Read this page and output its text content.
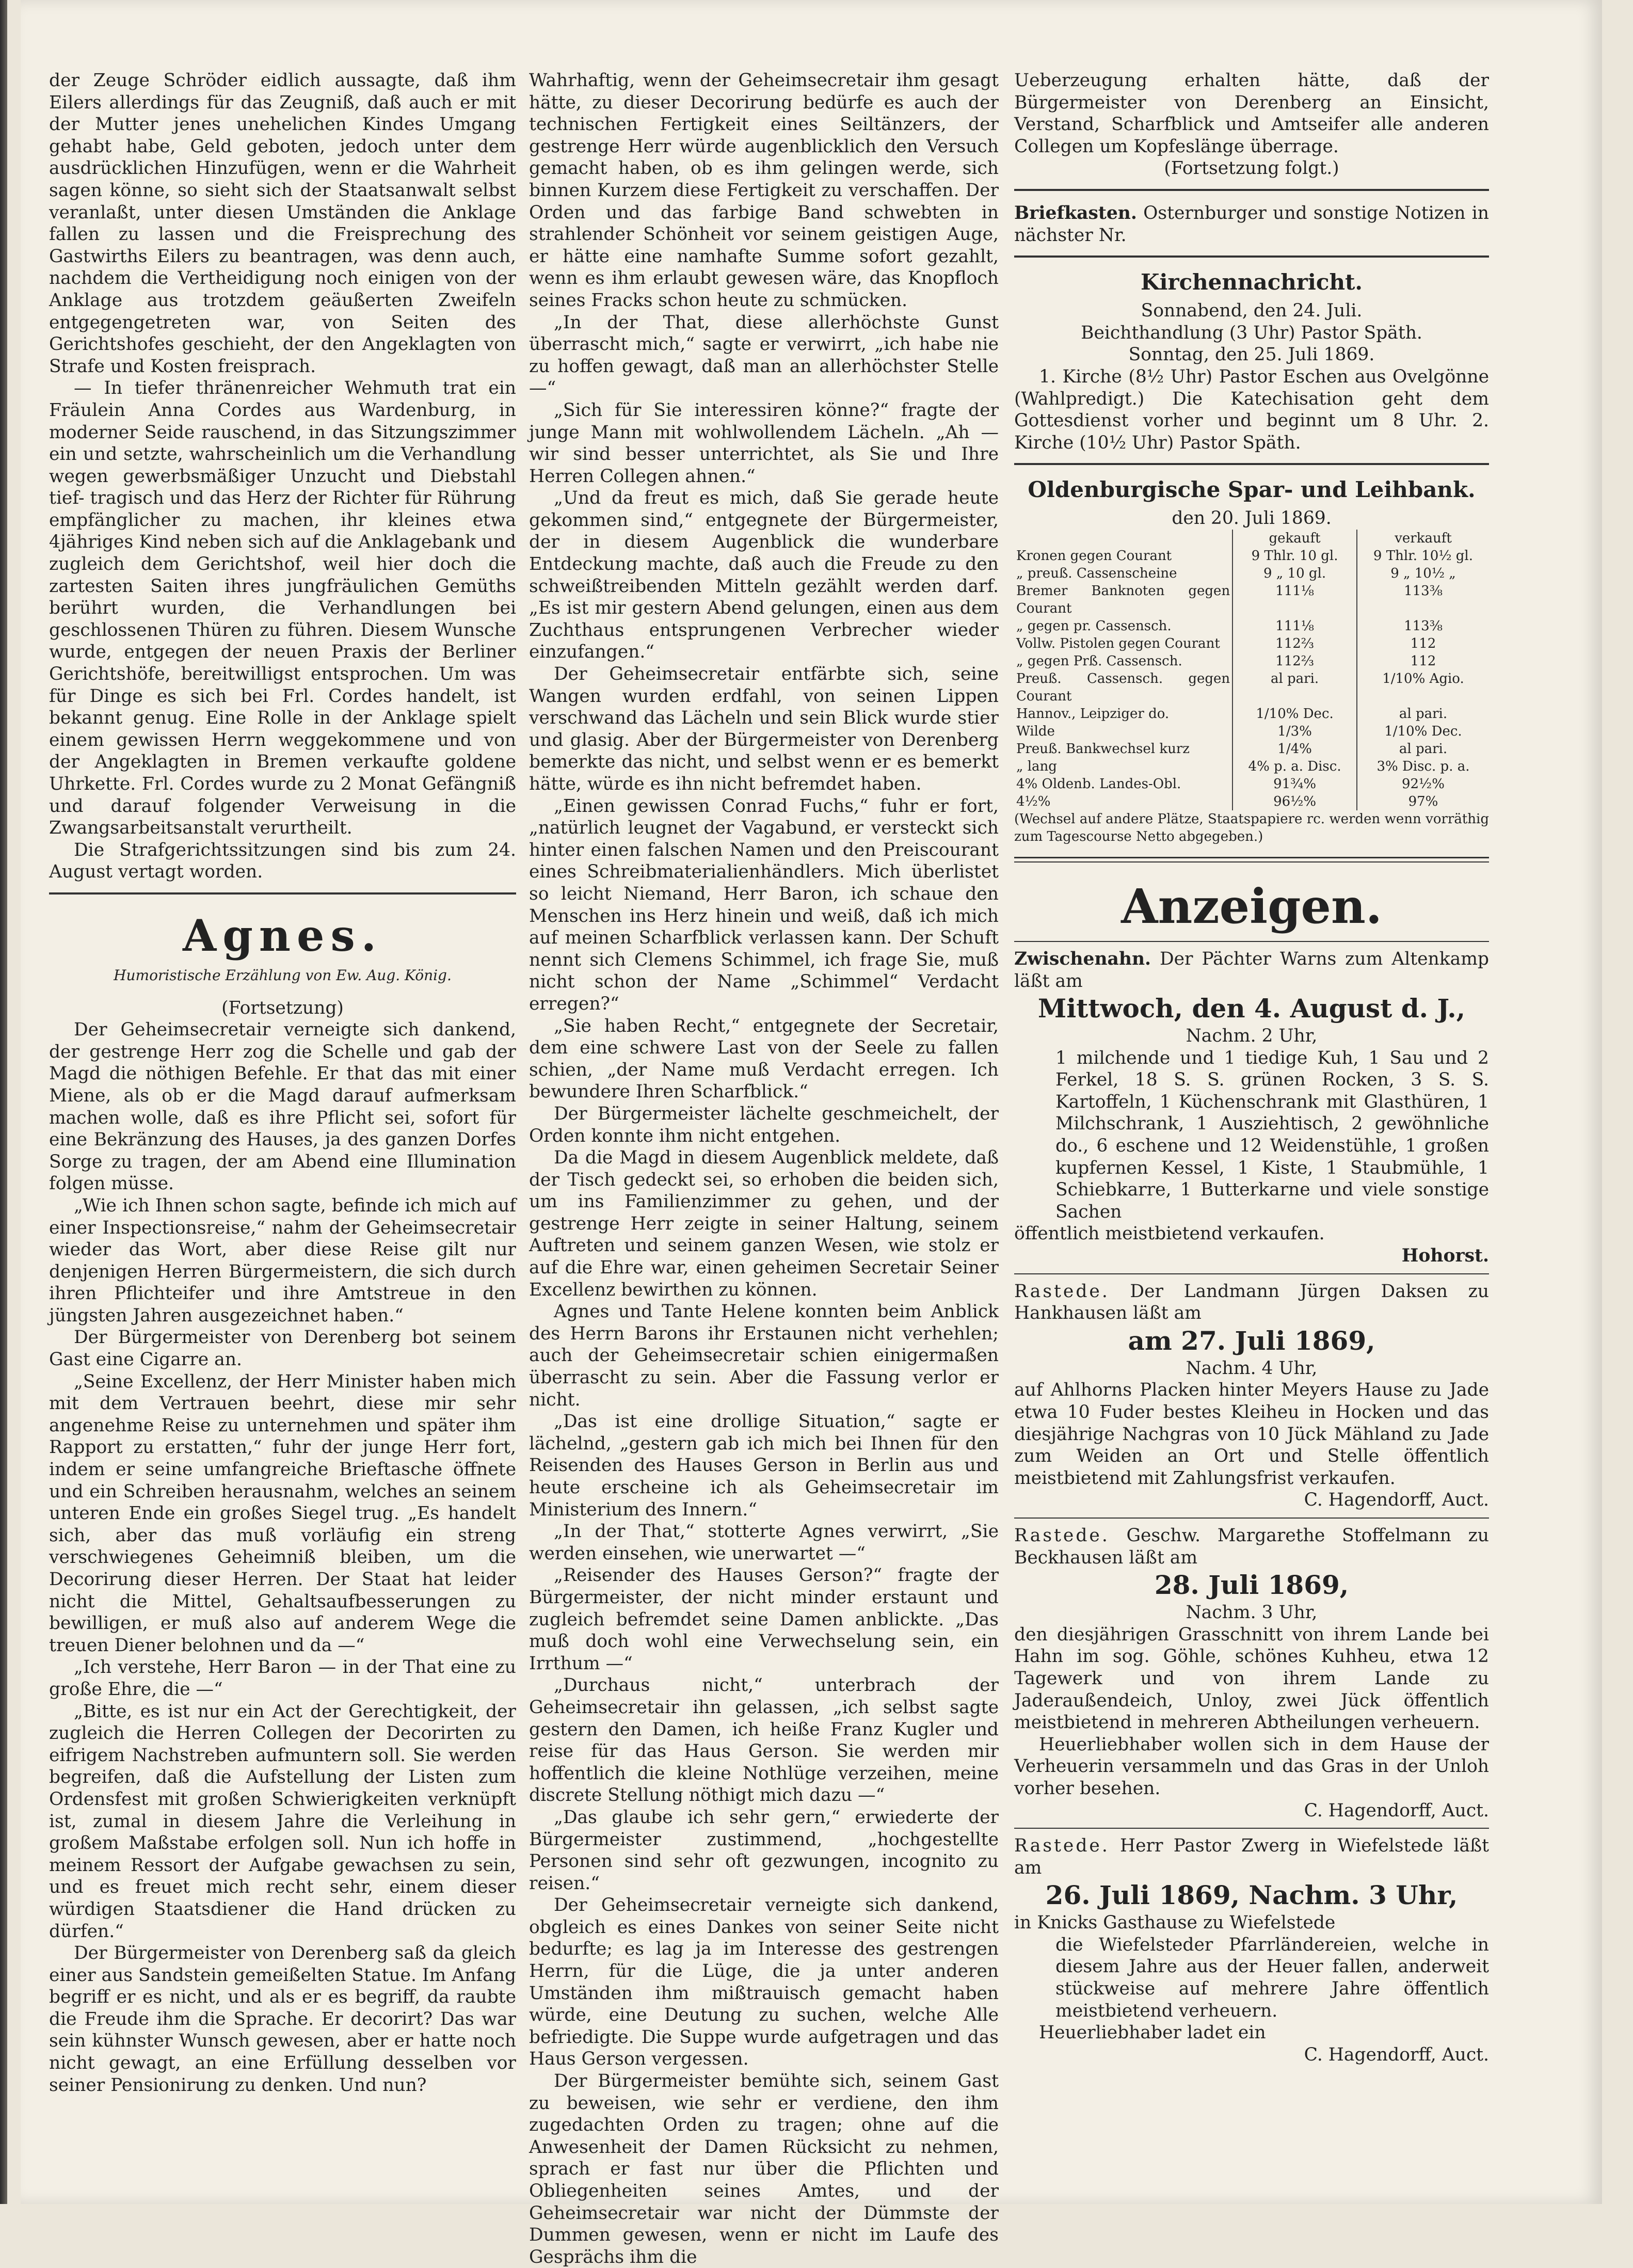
der Zeuge Schröder eidlich aussagte, daß ihm Eilers allerdings für das Zeugniß, daß auch er mit der Mutter jenes unehelichen Kindes Umgang gehabt habe, Geld geboten, jedoch unter dem ausdrücklichen Hinzufügen, wenn er die Wahrheit sagen könne, so sieht sich der Staatsanwalt selbst veranlaßt, unter diesen Umständen die Anklage fallen zu lassen und die Freisprechung des Gastwirths Eilers zu beantragen, was denn auch, nachdem die Vertheidigung noch einigen von der Anklage aus trotzdem geäußerten Zweifeln entgegengetreten war, von Seiten des Gerichtshofes geschieht, der den Angeklagten von Strafe und Kosten freisprach.

— In tiefer thränenreicher Wehmuth trat ein Fräulein Anna Cordes aus Wardenburg, in moderner Seide rauschend, in das Sitzungszimmer ein und setzte, wahrscheinlich um die Verhandlung wegen gewerbsmäßiger Unzucht und Diebstahl tief- tragisch und das Herz der Richter für Rührung empfänglicher zu machen, ihr kleines etwa 4jähriges Kind neben sich auf die Anklagebank und zugleich dem Gerichtshof, weil hier doch die zartesten Saiten ihres jungfräulichen Gemüths berührt wurden, die Verhandlungen bei geschlossenen Thüren zu führen. Diesem Wunsche wurde, entgegen der neuen Praxis der Berliner Gerichtshöfe, bereitwilligst entsprochen. Um was für Dinge es sich bei Frl. Cordes handelt, ist bekannt genug. Eine Rolle in der Anklage spielt einem gewissen Herrn weggekommene und von der Angeklagten in Bremen verkaufte goldene Uhrkette. Frl. Cordes wurde zu 2 Monat Gefängniß und darauf folgender Verweisung in die Zwangsarbeitsanstalt verurtheilt.

Die Strafgerichtssitzungen sind bis zum 24. August vertagt worden.

Agnes.
Humoristische Erzählung von Ew. Aug. König.

(Fortsetzung)

Der Geheimsecretair verneigte sich dankend, der gestrenge Herr zog die Schelle und gab der Magd die nöthigen Befehle. Er that das mit einer Miene, als ob er die Magd darauf aufmerksam machen wolle, daß es ihre Pflicht sei, sofort für eine Bekränzung des Hauses, ja des ganzen Dorfes Sorge zu tragen, der am Abend eine Illumination folgen müsse.

„Wie ich Ihnen schon sagte, befinde ich mich auf einer Inspectionsreise,“ nahm der Geheimsecretair wieder das Wort, aber diese Reise gilt nur denjenigen Herren Bürgermeistern, die sich durch ihren Pflichteifer und ihre Amtstreue in den jüngsten Jahren ausgezeichnet haben.“

Der Bürgermeister von Derenberg bot seinem Gast eine Cigarre an.

„Seine Excellenz, der Herr Minister haben mich mit dem Vertrauen beehrt, diese mir sehr angenehme Reise zu unternehmen und später ihm Rapport zu erstatten,“ fuhr der junge Herr fort, indem er seine umfangreiche Brieftasche öffnete und ein Schreiben herausnahm, welches an seinem unteren Ende ein großes Siegel trug. „Es handelt sich, aber das muß vorläufig ein streng verschwiegenes Geheimniß bleiben, um die Decorirung dieser Herren. Der Staat hat leider nicht die Mittel, Gehaltsaufbesserungen zu bewilligen, er muß also auf anderem Wege die treuen Diener belohnen und da —“

„Ich verstehe, Herr Baron — in der That eine zu große Ehre, die —“

„Bitte, es ist nur ein Act der Gerechtigkeit, der zugleich die Herren Collegen der Decorirten zu eifrigem Nachstreben aufmuntern soll. Sie werden begreifen, daß die Aufstellung der Listen zum Ordensfest mit großen Schwierigkeiten verknüpft ist, zumal in diesem Jahre die Verleihung in großem Maßstabe erfolgen soll. Nun ich hoffe in meinem Ressort der Aufgabe gewachsen zu sein, und es freuet mich recht sehr, einem dieser würdigen Staatsdiener die Hand drücken zu dürfen.“

Der Bürgermeister von Derenberg saß da gleich einer aus Sandstein gemeißelten Statue. Im Anfang begriff er es nicht, und als er es begriff, da raubte die Freude ihm die Sprache. Er decorirt? Das war sein kühnster Wunsch gewesen, aber er hatte noch nicht gewagt, an eine Erfüllung desselben vor seiner Pensionirung zu denken. Und nun?

Wahrhaftig, wenn der Geheimsecretair ihm gesagt hätte, zu dieser Decorirung bedürfe es auch der technischen Fertigkeit eines Seiltänzers, der gestrenge Herr würde augenblicklich den Versuch gemacht haben, ob es ihm gelingen werde, sich binnen Kurzem diese Fertigkeit zu verschaffen. Der Orden und das farbige Band schwebten in strahlender Schönheit vor seinem geistigen Auge, er hätte eine namhafte Summe sofort gezahlt, wenn es ihm erlaubt gewesen wäre, das Knopfloch seines Fracks schon heute zu schmücken.

„In der That, diese allerhöchste Gunst überrascht mich,“ sagte er verwirrt, „ich habe nie zu hoffen gewagt, daß man an allerhöchster Stelle —“

„Sich für Sie interessiren könne?“ fragte der junge Mann mit wohlwollendem Lächeln. „Ah — wir sind besser unterrichtet, als Sie und Ihre Herren Collegen ahnen.“

„Und da freut es mich, daß Sie gerade heute gekommen sind,“ entgegnete der Bürgermeister, der in diesem Augenblick die wunderbare Entdeckung machte, daß auch die Freude zu den schweißtreibenden Mitteln gezählt werden darf. „Es ist mir gestern Abend gelungen, einen aus dem Zuchthaus entsprungenen Verbrecher wieder einzufangen.“

Der Geheimsecretair entfärbte sich, seine Wangen wurden erdfahl, von seinen Lippen verschwand das Lächeln und sein Blick wurde stier und glasig. Aber der Bürgermeister von Derenberg bemerkte das nicht, und selbst wenn er es bemerkt hätte, würde es ihn nicht befremdet haben.

„Einen gewissen Conrad Fuchs,“ fuhr er fort, „natürlich leugnet der Vagabund, er versteckt sich hinter einen falschen Namen und den Preiscourant eines Schreibmaterialienhändlers. Mich überlistet so leicht Niemand, Herr Baron, ich schaue den Menschen ins Herz hinein und weiß, daß ich mich auf meinen Scharfblick verlassen kann. Der Schuft nennt sich Clemens Schimmel, ich frage Sie, muß nicht schon der Name „Schimmel“ Verdacht erregen?“

„Sie haben Recht,“ entgegnete der Secretair, dem eine schwere Last von der Seele zu fallen schien, „der Name muß Verdacht erregen. Ich bewundere Ihren Scharfblick.“

Der Bürgermeister lächelte geschmeichelt, der Orden konnte ihm nicht entgehen.

Da die Magd in diesem Augenblick meldete, daß der Tisch gedeckt sei, so erhoben die beiden sich, um ins Familienzimmer zu gehen, und der gestrenge Herr zeigte in seiner Haltung, seinem Auftreten und seinem ganzen Wesen, wie stolz er auf die Ehre war, einen geheimen Secretair Seiner Excellenz bewirthen zu können.

Agnes und Tante Helene konnten beim Anblick des Herrn Barons ihr Erstaunen nicht verhehlen; auch der Geheimsecretair schien einigermaßen überrascht zu sein. Aber die Fassung verlor er nicht.

„Das ist eine drollige Situation,“ sagte er lächelnd, „gestern gab ich mich bei Ihnen für den Reisenden des Hauses Gerson in Berlin aus und heute erscheine ich als Geheimsecretair im Ministerium des Innern.“

„In der That,“ stotterte Agnes verwirrt, „Sie werden einsehen, wie unerwartet —“

„Reisender des Hauses Gerson?“ fragte der Bürgermeister, der nicht minder erstaunt und zugleich befremdet seine Damen anblickte. „Das muß doch wohl eine Verwechselung sein, ein Irrthum —“

„Durchaus nicht,“ unterbrach der Geheimsecretair ihn gelassen, „ich selbst sagte gestern den Damen, ich heiße Franz Kugler und reise für das Haus Gerson. Sie werden mir hoffentlich die kleine Nothlüge verzeihen, meine discrete Stellung nöthigt mich dazu —“

„Das glaube ich sehr gern,“ erwiederte der Bürgermeister zustimmend, „hochgestellte Personen sind sehr oft gezwungen, incognito zu reisen.“

Der Geheimsecretair verneigte sich dankend, obgleich es eines Dankes von seiner Seite nicht bedurfte; es lag ja im Interesse des gestrengen Herrn, für die Lüge, die ja unter anderen Umständen ihm mißtrauisch gemacht haben würde, eine Deutung zu suchen, welche Alle befriedigte. Die Suppe wurde aufgetragen und das Haus Gerson vergessen.

Der Bürgermeister bemühte sich, seinem Gast zu beweisen, wie sehr er verdiene, den ihm zugedachten Orden zu tragen; ohne auf die Anwesenheit der Damen Rücksicht zu nehmen, sprach er fast nur über die Pflichten und Obliegenheiten seines Amtes, und der Geheimsecretair war nicht der Dümmste der Dummen gewesen, wenn er nicht im Laufe des Gesprächs ihm die

Ueberzeugung erhalten hätte, daß der Bürgermeister von Derenberg an Einsicht, Verstand, Scharfblick und Amtseifer alle anderen Collegen um Kopfeslänge überrage.

(Fortsetzung folgt.)

Briefkasten. Osternburger und sonstige Notizen in nächster Nr.

Kirchennachricht.

Sonnabend, den 24. Juli.

Beichthandlung (3 Uhr) Pastor Späth.

Sonntag, den 25. Juli 1869.

1. Kirche (8½ Uhr) Pastor Eschen aus Ovelgönne (Wahlpredigt.) Die Katechisation geht dem Gottesdienst vorher und beginnt um 8 Uhr. 2. Kirche (10½ Uhr) Pastor Späth.

Oldenburgische Spar- und Leihbank.

den 20. Juli 1869.

	gekauft	verkauft
Kronen gegen Courant	9 Thlr. 10 gl.	9 Thlr. 10½ gl.
„ preuß. Cassenscheine	9 „ 10 gl.	9 „ 10½ „
Bremer Banknoten gegen Courant	111⅛	113⅜
„ gegen pr. Cassensch.	111⅛	113⅜
Vollw. Pistolen gegen Courant	112⅔	112
„ gegen Prß. Cassensch.	112⅔	112
Preuß. Cassensch. gegen Courant	al pari.	1/10% Agio.
Hannov., Leipziger do.	1/10% Dec.	al pari.
Wilde	1/3%	1/10% Dec.
Preuß. Bankwechsel kurz	1/4%	al pari.
„ lang	4% p. a. Disc.	3% Disc. p. a.
4% Oldenb. Landes-Obl.	91¾%	92½%
4½%	96½%	97%

(Wechsel auf andere Plätze, Staatspapiere rc. werden wenn vorräthig zum Tagescourse Netto abgegeben.)

Anzeigen.

Zwischenahn. Der Pächter Warns zum Altenkamp läßt am

Mittwoch, den 4. August d. J.,

Nachm. 2 Uhr,

1 milchende und 1 tiedige Kuh, 1 Sau und 2 Ferkel, 18 S. S. grünen Rocken, 3 S. S. Kartoffeln, 1 Küchenschrank mit Glasthüren, 1 Milchschrank, 1 Ausziehtisch, 2 gewöhnliche do., 6 eschene und 12 Weidenstühle, 1 großen kupfernen Kessel, 1 Kiste, 1 Staubmühle, 1 Schiebkarre, 1 Butterkarne und viele sonstige Sachen

öffentlich meistbietend verkaufen.

Hohorst.

Rastede. Der Landmann Jürgen Daksen zu Hankhausen läßt am

am 27. Juli 1869,

Nachm. 4 Uhr,

auf Ahlhorns Placken hinter Meyers Hause zu Jade etwa 10 Fuder bestes Kleiheu in Hocken und das diesjährige Nachgras von 10 Jück Mähland zu Jade zum Weiden an Ort und Stelle öffentlich meistbietend mit Zahlungsfrist verkaufen.

C. Hagendorff, Auct.

Rastede. Geschw. Margarethe Stoffelmann zu Beckhausen läßt am

28. Juli 1869,

Nachm. 3 Uhr,

den diesjährigen Grasschnitt von ihrem Lande bei Hahn im sog. Göhle, schönes Kuhheu, etwa 12 Tagewerk und von ihrem Lande zu Jaderaußendeich, Unloy, zwei Jück öffentlich meistbietend in mehreren Abtheilungen verheuern.

Heuerliebhaber wollen sich in dem Hause der Verheuerin versammeln und das Gras in der Unloh vorher besehen.

C. Hagendorff, Auct.

Rastede. Herr Pastor Zwerg in Wiefelstede läßt am

26. Juli 1869, Nachm. 3 Uhr,

in Knicks Gasthause zu Wiefelstede

die Wiefelsteder Pfarrländereien, welche in diesem Jahre aus der Heuer fallen, anderweit stückweise auf mehrere Jahre öffentlich meistbietend verheuern.

Heuerliebhaber ladet ein

C. Hagendorff, Auct.
